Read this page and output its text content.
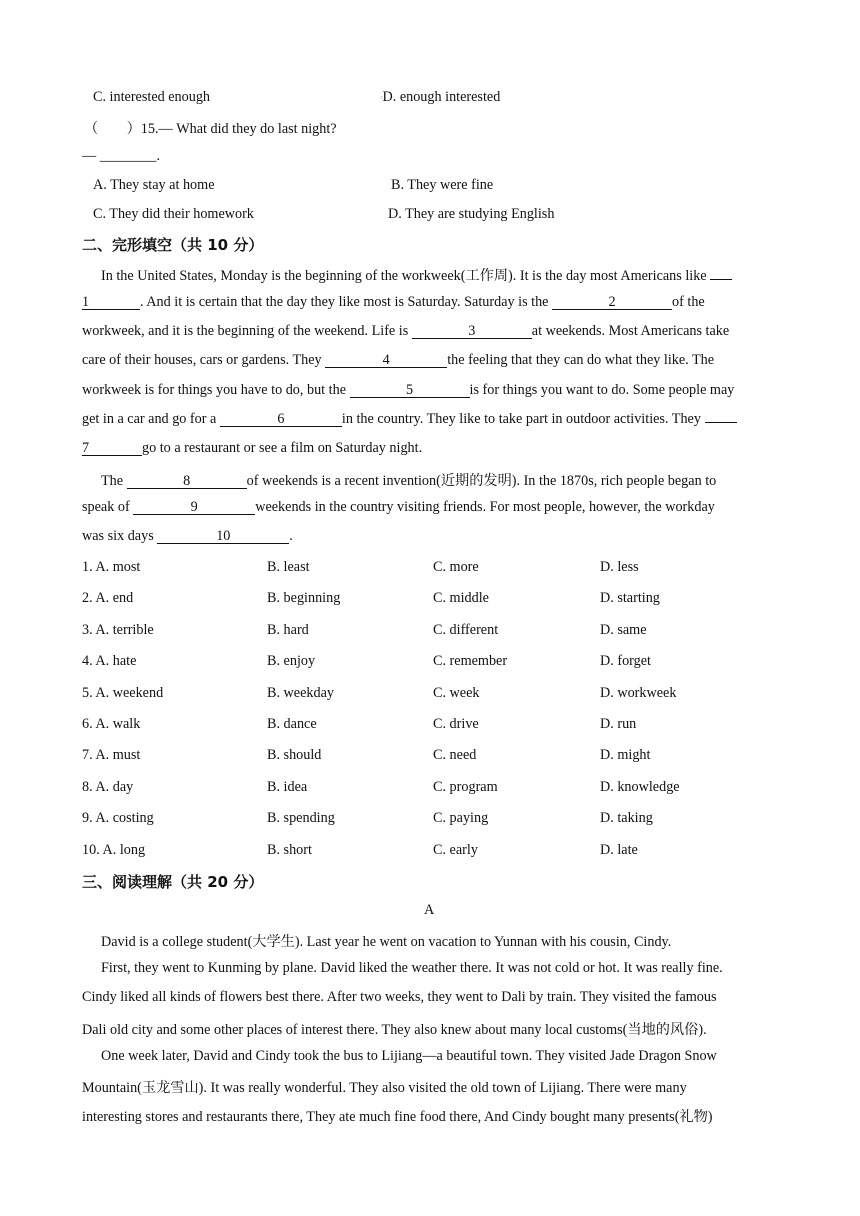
C. interested enough	▫D. enough interested
（　　）15.— What did they do last night?
— ________.
A. They stay at home	B. They were fine
C. They did their homework	D. They are studying English
二、完形填空（共 10 分）
In the United States, Monday is the beginning of the workweek(工作周). It is the day most Americans like
1	. And it is certain that the day they like most is Saturday. Saturday is the	2	of the
workweek, and it is the beginning of the weekend. Life is	3	at weekends. Most Americans take
care of their houses, cars or gardens. They	4	the feeling that they can do what they like. The
workweek is for things you have to do, but the	5	is for things you want to do. Some people may
get in a car and go for a	6	in the country. They like to take part in outdoor activities. They
7	go to a restaurant or see a film on Saturday night.
The	8	of weekends is a recent invention(近期的发明). In the 1870s, rich people began to
speak of	9	weekends in the country visiting friends. For most people, however, the workday
was six days	10	.
1. A. most	B. least	C. more	D. less
2. A. end	B. beginning	C. middle	D. starting
3. A. terrible	B. hard	C. different	D. same
4. A. hate	B. enjoy	C. remember	D. forget
5. A. weekend	B. weekday	C. week	D. workweek
6. A. walk	B. dance	C. drive	D. run
7. A. must	B. should	C. need	D. might
8. A. day	B. idea	C. program	D. knowledge
9. A. costing	B. spending	C. paying	D. taking
10. A. long	B. short	C. early	D. late
三、阅读理解（共 20 分）
A
David is a college student(大学生). Last year he went on vacation to Yunnan with his cousin, Cindy.
First, they went to Kunming by plane. David liked the weather there. It was not cold or hot. It was really fine.
Cindy liked all kinds of flowers best there. After two weeks, they went to Dali by train. They visited the famous
Dali old city and some other places of interest there. They also knew about many local customs(当地的风俗).
One week later, David and Cindy took the bus to Lijiang—a beautiful town. They visited Jade Dragon Snow
Mountain(玉龙雪山). It was really wonderful. They also visited the old town of Lijiang. There were many
interesting stores and restaurants there, They ate much fine food there, And Cindy bought many presents(礼物)
